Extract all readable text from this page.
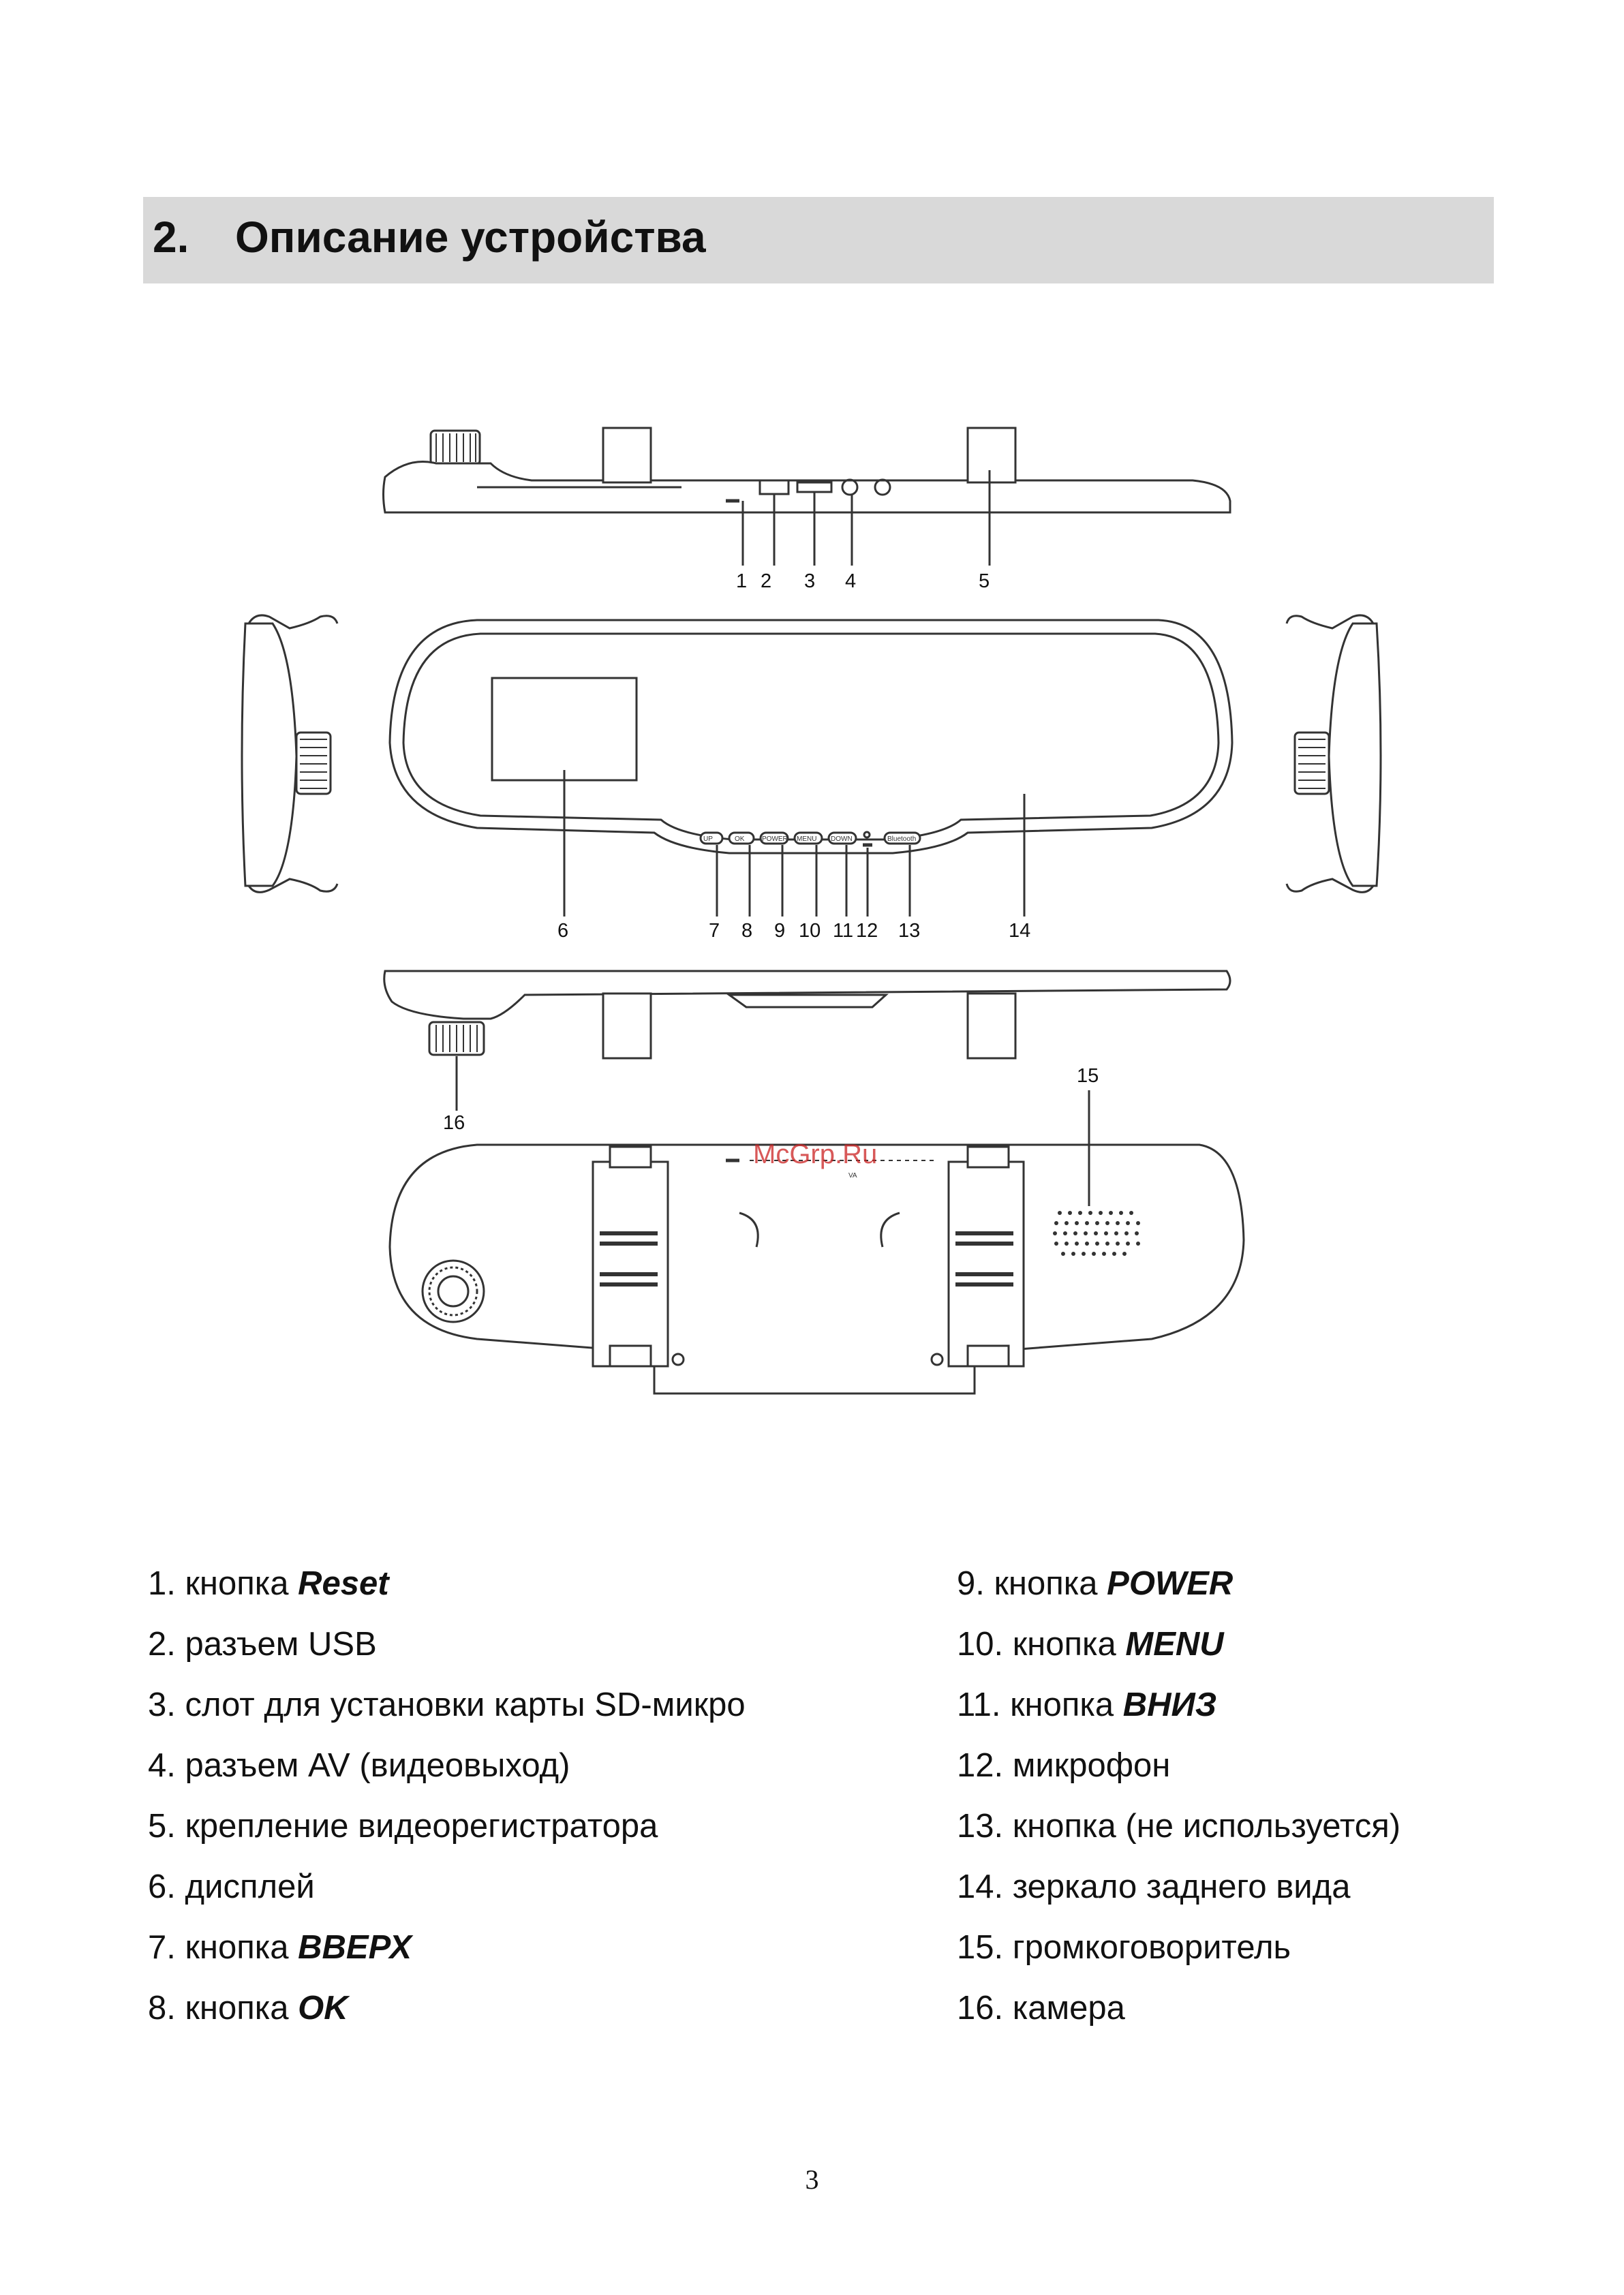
2. Описание устройства
UP	OK	POWER MENU DOWN	Bluetooth
VA
1 2 3 4	5
6	7 8 9 10 11 12 13	14
15
16
McGrp.Ru
1. кнопка Reset
2. разъем USB
3. слот для установки карты SD-микро
4. разъем AV (видеовыход)
5. крепление видеорегистратора
6. дисплей
7. кнопка ВВЕРХ
8. кнопка OK
9. кнопка POWER
10. кнопка MENU
11. кнопка ВНИЗ
12. микрофон
13. кнопка (не используется)
14. зеркало заднего вида
15. громкоговоритель
16. камера
3
